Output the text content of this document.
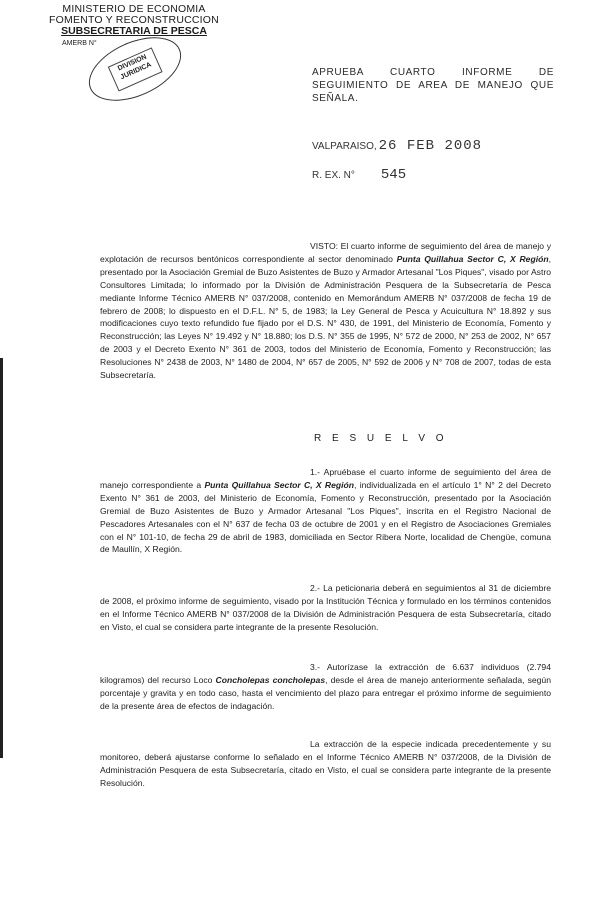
MINISTERIO DE ECONOMIA
FOMENTO Y RECONSTRUCCION
SUBSECRETARIA DE PESCA
AMERB N°
DIVISION JURIDICA	APRUEBA CUARTO INFORME DE SEGUIMIENTO DE AREA DE MANEJO QUE SEÑALA.
VALPARAISO, 26 FEB 2008
R. EX. N° 545
VISTO: El cuarto informe de seguimiento del área de manejo y explotación de recursos bentónicos correspondiente al sector denominado Punta Quillahua Sector C, X Región, presentado por la Asociación Gremial de Buzo Asistentes de Buzo y Armador Artesanal "Los Piques", visado por Astro Consultores Limitada; lo informado por la División de Administración Pesquera de la Subsecretaría de Pesca mediante Informe Técnico AMERB N° 037/2008, contenido en Memorándum AMERB N° 037/2008 de fecha 19 de febrero de 2008; lo dispuesto en el D.F.L. N° 5, de 1983; la Ley General de Pesca y Acuicultura N° 18.892 y sus modificaciones cuyo texto refundido fue fijado por el D.S. N° 430, de 1991, del Ministerio de Economía, Fomento y Reconstrucción; las Leyes N° 19.492 y N° 18.880; los D.S. N° 355 de 1995, N° 572 de 2000, N° 253 de 2002, N° 657 de 2003 y el Decreto Exento N° 361 de 2003, todos del Ministerio de Economía, Fomento y Reconstrucción; las Resoluciones N° 2438 de 2003, N° 1480 de 2004, N° 657 de 2005, N° 592 de 2006 y N° 708 de 2007, todas de esta Subsecretaría.
R E S U E L V O
1.- Apruébase el cuarto informe de seguimiento del área de manejo correspondiente a Punta Quillahua Sector C, X Región, individualizada en el artículo 1° N° 2 del Decreto Exento N° 361 de 2003, del Ministerio de Economía, Fomento y Reconstrucción, presentado por la Asociación Gremial de Buzo Asistentes de Buzo y Armador Artesanal "Los Piques", inscrita en el Registro Nacional de Pescadores Artesanales con el N° 637 de fecha 03 de octubre de 2001 y en el Registro de Asociaciones Gremiales con el N° 101-10, de fecha 29 de abril de 1983, domiciliada en Sector Ribera Norte, localidad de Chengüe, comuna de Maullín, X Región.
2.- La peticionaria deberá en seguimientos al 31 de diciembre de 2008, el próximo informe de seguimiento, visado por la Institución Técnica y formulado en los términos contenidos en el Informe Técnico AMERB N° 037/2008 de la División de Administración Pesquera de esta Subsecretaría, citado en Visto, el cual se considera parte integrante de la presente Resolución.
3.- Autorízase la extracción de 6.637 individuos (2.794 kilogramos) del recurso Loco Concholepas concholepas, desde el área de manejo anteriormente señalada, según porcentaje y gravita y en todo caso, hasta el vencimiento del plazo para entregar el próximo informe de seguimiento de la presente área de efectos de indagación.
La extracción de la especie indicada precedentemente y su monitoreo, deberá ajustarse conforme lo señalado en el Informe Técnico AMERB N° 037/2008, de la División de Administración Pesquera de esta Subsecretaría, citado en Visto, el cual se considera parte integrante de la presente Resolución.
